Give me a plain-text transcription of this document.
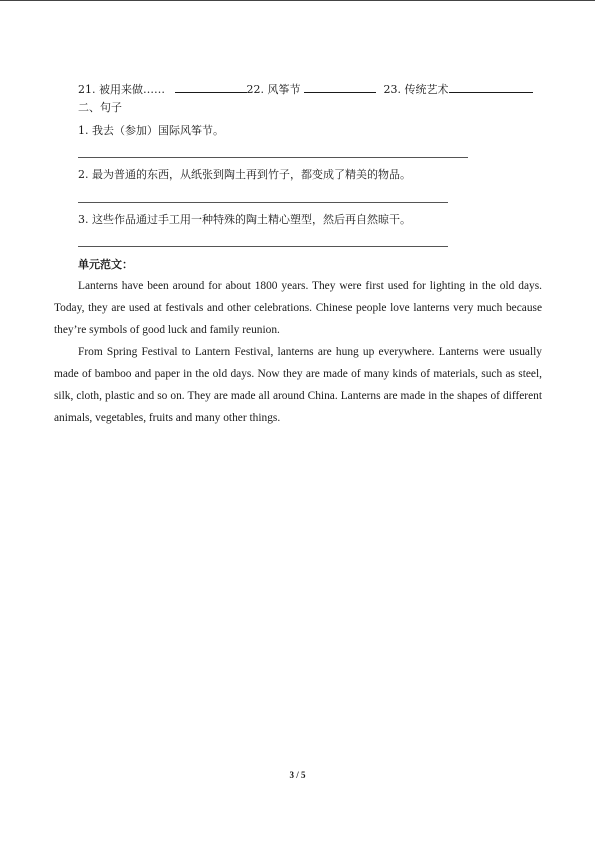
21. 被用来做……	22. 风筝节	23. 传统艺术
二、句子
1. 我去（参加）国际风筝节。
2. 最为普通的东西，从纸张到陶土再到竹子，都变成了精美的物品。
3. 这些作品通过手工用一种特殊的陶土精心塑型，然后再自然晾干。
单元范文：

Lanterns have been around for about 1800 years. They were first used for lighting in the old days. Today, they are used at festivals and other celebrations. Chinese people love lanterns very much because they’re symbols of good luck and family reunion.

From Spring Festival to Lantern Festival, lanterns are hung up everywhere. Lanterns were usually made of bamboo and paper in the old days. Now they are made of many kinds of materials, such as steel, silk, cloth, plastic and so on. They are made all around China. Lanterns are made in the shapes of different animals, vegetables, fruits and many other things.

3 / 5
